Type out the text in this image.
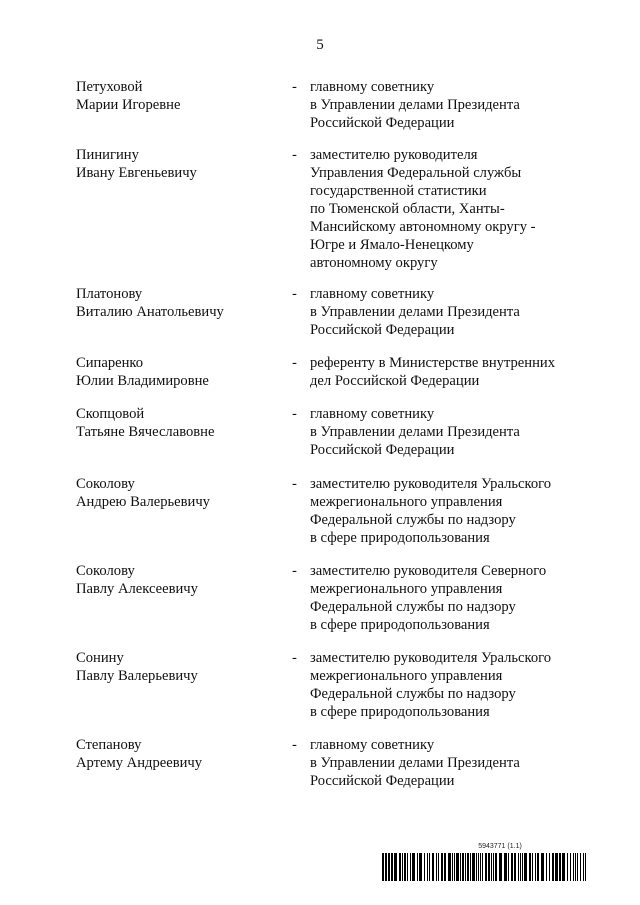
5
Петуховой
Марии Игоревне
- главному советнику
в Управлении делами Президента
Российской Федерации
Пинигину
Ивану Евгеньевичу
- заместителю руководителя
Управления Федеральной службы
государственной статистики
по Тюменской области, Ханты-
Мансийскому автономному округу -
Югре и Ямало-Ненецкому
автономному округу
Платонову
Виталию Анатольевичу
- главному советнику
в Управлении делами Президента
Российской Федерации
Сипаренко
Юлии Владимировне
- референту в Министерстве внутренних
дел Российской Федерации
Скопцовой
Татьяне Вячеславовне
- главному советнику
в Управлении делами Президента
Российской Федерации
Соколову
Андрею Валерьевичу
- заместителю руководителя Уральского
межрегионального управления
Федеральной службы по надзору
в сфере природопользования
Соколову
Павлу Алексеевичу
- заместителю руководителя Северного
межрегионального управления
Федеральной службы по надзору
в сфере природопользования
Сонину
Павлу Валерьевичу
- заместителю руководителя Уральского
межрегионального управления
Федеральной службы по надзору
в сфере природопользования
Степанову
Артему Андреевичу
- главному советнику
в Управлении делами Президента
Российской Федерации
5943771 (1.1)
